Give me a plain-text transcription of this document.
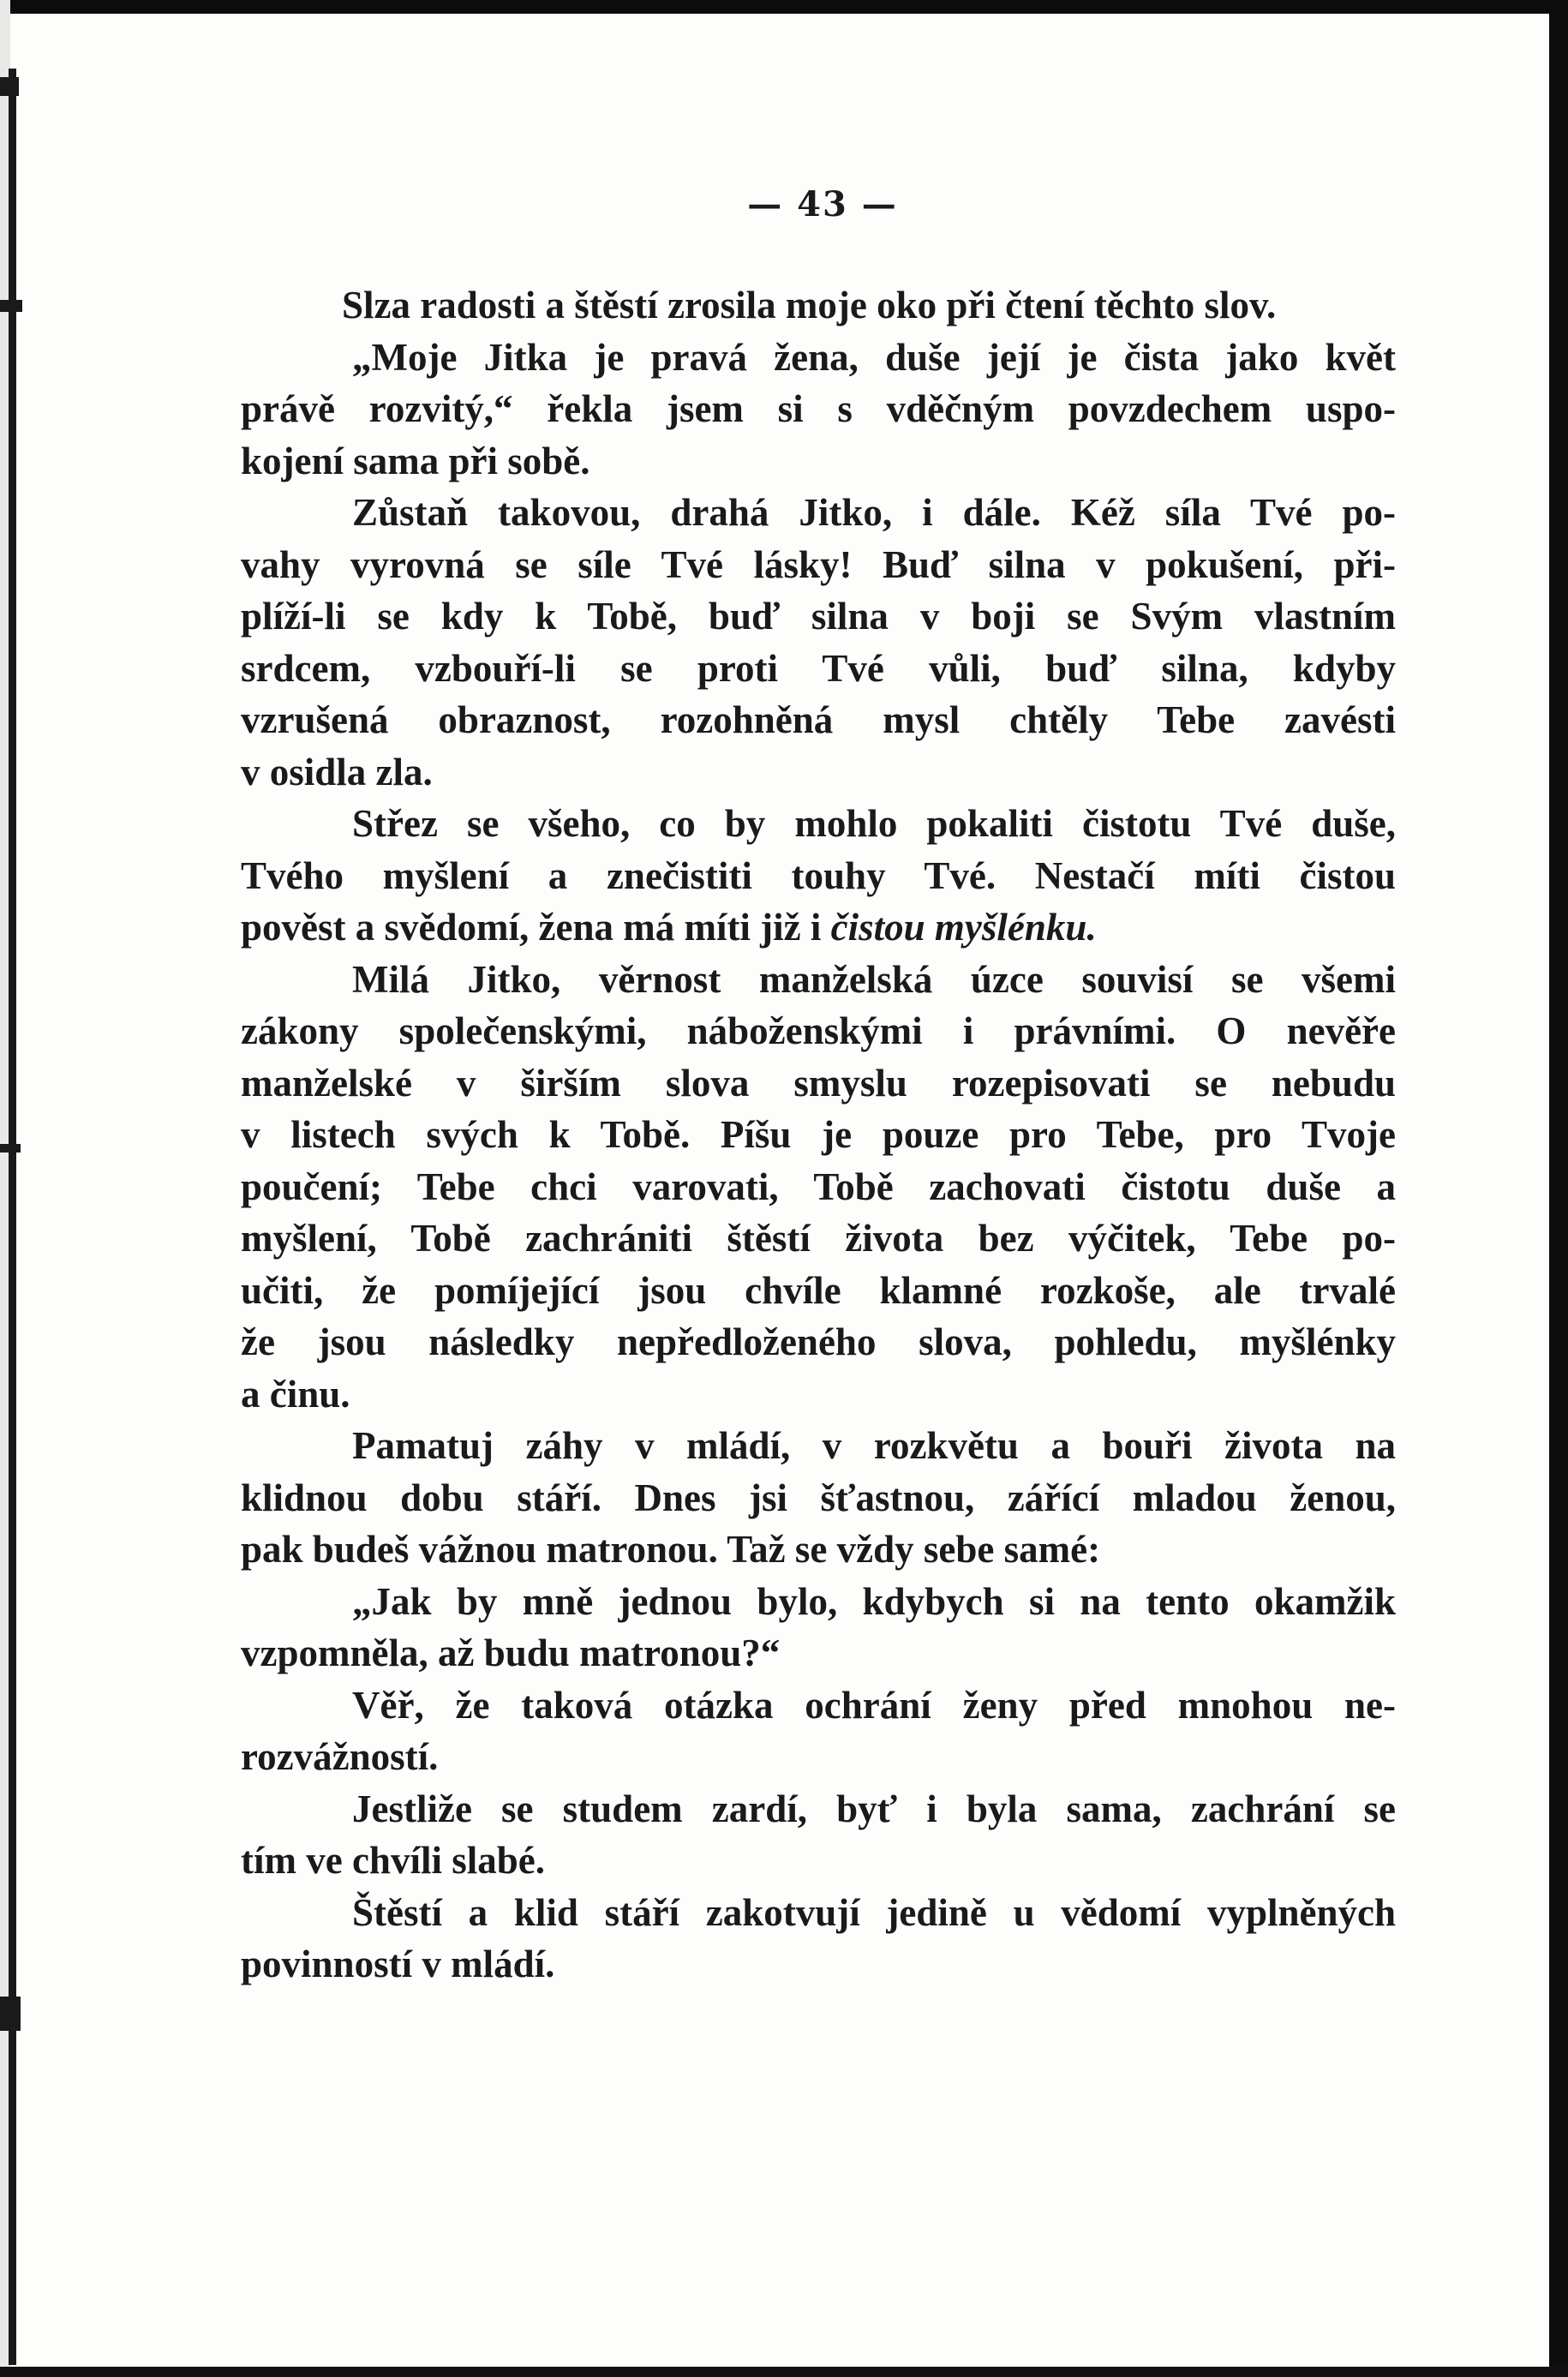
— 43 —
Slza radosti a štěstí zrosila moje oko při čtení těchto slov.
„Moje Jitka je pravá žena, duše její je čista jako květ
právě rozvitý,“ řekla jsem si s vděčným povzdechem uspo-
kojení sama při sobě.
Zůstaň takovou, drahá Jitko, i dále. Kéž síla Tvé po-
vahy vyrovná se síle Tvé lásky! Buď silna v pokušení, při-
plíží-li se kdy k Tobě, buď silna v boji se Svým vlastním
srdcem, vzbouří-li se proti Tvé vůli, buď silna, kdyby
vzrušená obraznost, rozohněná mysl chtěly Tebe zavésti
v osidla zla.
Střez se všeho, co by mohlo pokaliti čistotu Tvé duše,
Tvého myšlení a znečistiti touhy Tvé. Nestačí míti čistou
pověst a svědomí, žena má míti již i čistou myšlénku.
Milá Jitko, věrnost manželská úzce souvisí se všemi
zákony společenskými, náboženskými i právními. O nevěře
manželské v širším slova smyslu rozepisovati se nebudu
v listech svých k Tobě. Píšu je pouze pro Tebe, pro Tvoje
poučení; Tebe chci varovati, Tobě zachovati čistotu duše a
myšlení, Tobě zachrániti štěstí života bez výčitek, Tebe po-
učiti, že pomíjející jsou chvíle klamné rozkoše, ale trvalé
že jsou následky nepředloženého slova, pohledu, myšlénky
a činu.
Pamatuj záhy v mládí, v rozkvětu a bouři života na
klidnou dobu stáří. Dnes jsi šťastnou, zářící mladou ženou,
pak budeš vážnou matronou. Taž se vždy sebe samé:
„Jak by mně jednou bylo, kdybych si na tento okamžik
vzpomněla, až budu matronou?“
Věř, že taková otázka ochrání ženy před mnohou ne-
rozvážností.
Jestliže se studem zardí, byť i byla sama, zachrání se
tím ve chvíli slabé.
Štěstí a klid stáří zakotvují jedině u vědomí vyplněných
povinností v mládí.
